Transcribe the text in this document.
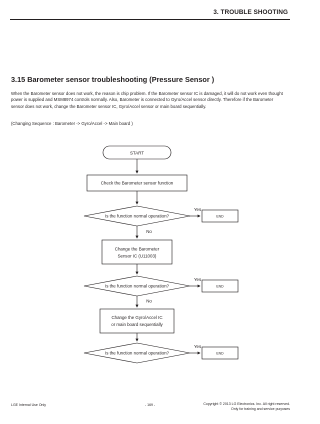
3. TROUBLE SHOOTING
3.15 Barometer sensor troubleshooting (Pressure Sensor )

When the Barometer sensor does not work, the reason is chip problem. If the Barometer sensor IC is damaged, it will do not work even thought power is supplied and MSM8974 controls normally. Also, Barometer is connected to Gyro/Accel sensor directly. Therefore if the Barometer sensor does not work, change the Barometer sensor IC, Gyro/Accel sensor or main board sequentially.

(Changing Sequence : Barometer -> Gyro/Accel -> Main board )

START
Check the Barometer sensor function
Is the function normal operation?
Yes
END
No
Change the Barometer
Sensor IC (U11003)
Is the function normal operation?
Yes
END
No
Change the Gyro/Accel IC
or main board sequentially
Is the function normal operation?
Yes
END
LGE Internal Use Only	- 169 -	Copyright © 2013 LG Electronics. Inc. All right reserved.
Only for training and service purposes
